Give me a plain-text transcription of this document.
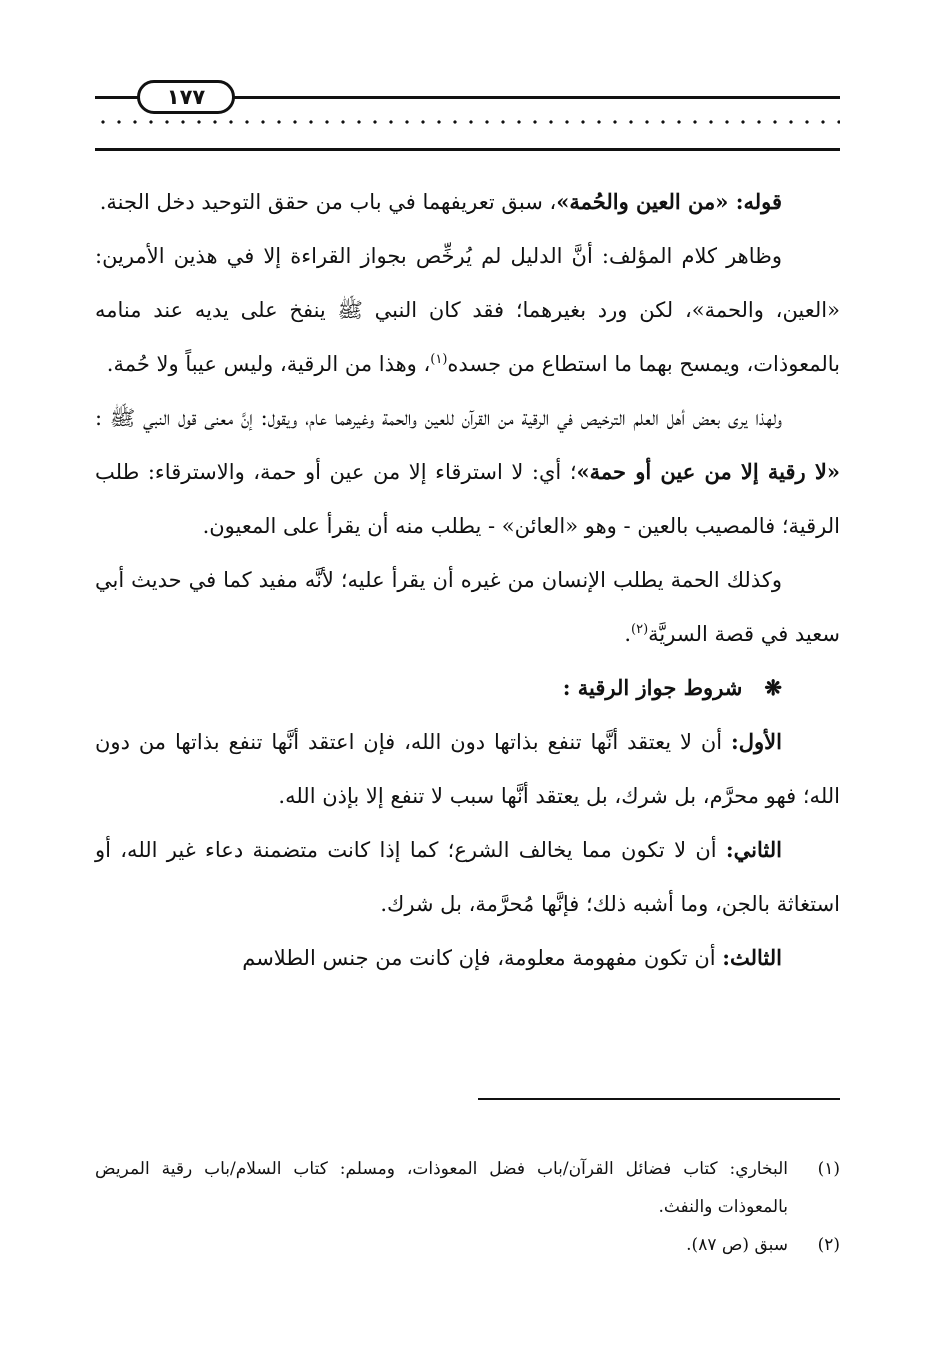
١٧٧

قوله: «من العين والحُمة»، سبق تعريفهما في باب من حقق التوحيد دخل الجنة.

وظاهر كلام المؤلف: أنَّ الدليل لم يُرخِّص بجواز القراءة إلا في هذين الأمرين: «العين، والحمة»، لكن ورد بغيرهما؛ فقد كان النبي ﷺ ينفخ على يديه عند منامه بالمعوذات، ويمسح بهما ما استطاع من جسده$^{(١)}$، وهذا من الرقية، وليس عيباً ولا حُمة.

ولهذا يرى بعض أهل العلم الترخيص في الرقية من القرآن للعين والحمة وغيرهما عام، ويقول: إنَّ معنى قول النبي ﷺ : «لا رقية إلا من عين أو حمة»؛ أي: لا استرقاء إلا من عين أو حمة، والاسترقاء: طلب الرقية؛ فالمصيب بالعين - وهو «العائن» - يطلب منه أن يقرأ على المعيون.

وكذلك الحمة يطلب الإنسان من غيره أن يقرأ عليه؛ لأنَّه مفيد كما في حديث أبي سعيد في قصة السريَّة$^{(٢)}$.

❋شروط جواز الرقية :

الأول: أن لا يعتقد أنَّها تنفع بذاتها دون الله، فإن اعتقد أنَّها تنفع بذاتها من دون الله؛ فهو محرَّم، بل شرك، بل يعتقد أنَّها سبب لا تنفع إلا بإذن الله.

الثاني: أن لا تكون مما يخالف الشرع؛ كما إذا كانت متضمنة دعاء غير الله، أو استغاثة بالجن، وما أشبه ذلك؛ فإنَّها مُحرَّمة، بل شرك.

الثالث: أن تكون مفهومة معلومة، فإن كانت من جنس الطلاسم

(١)
البخاري: كتاب فضائل القرآن/باب فضل المعوذات، ومسلم: كتاب السلام/باب رقية المريض بالمعوذات والنفث.

(٢)
سبق (ص ٨٧).
